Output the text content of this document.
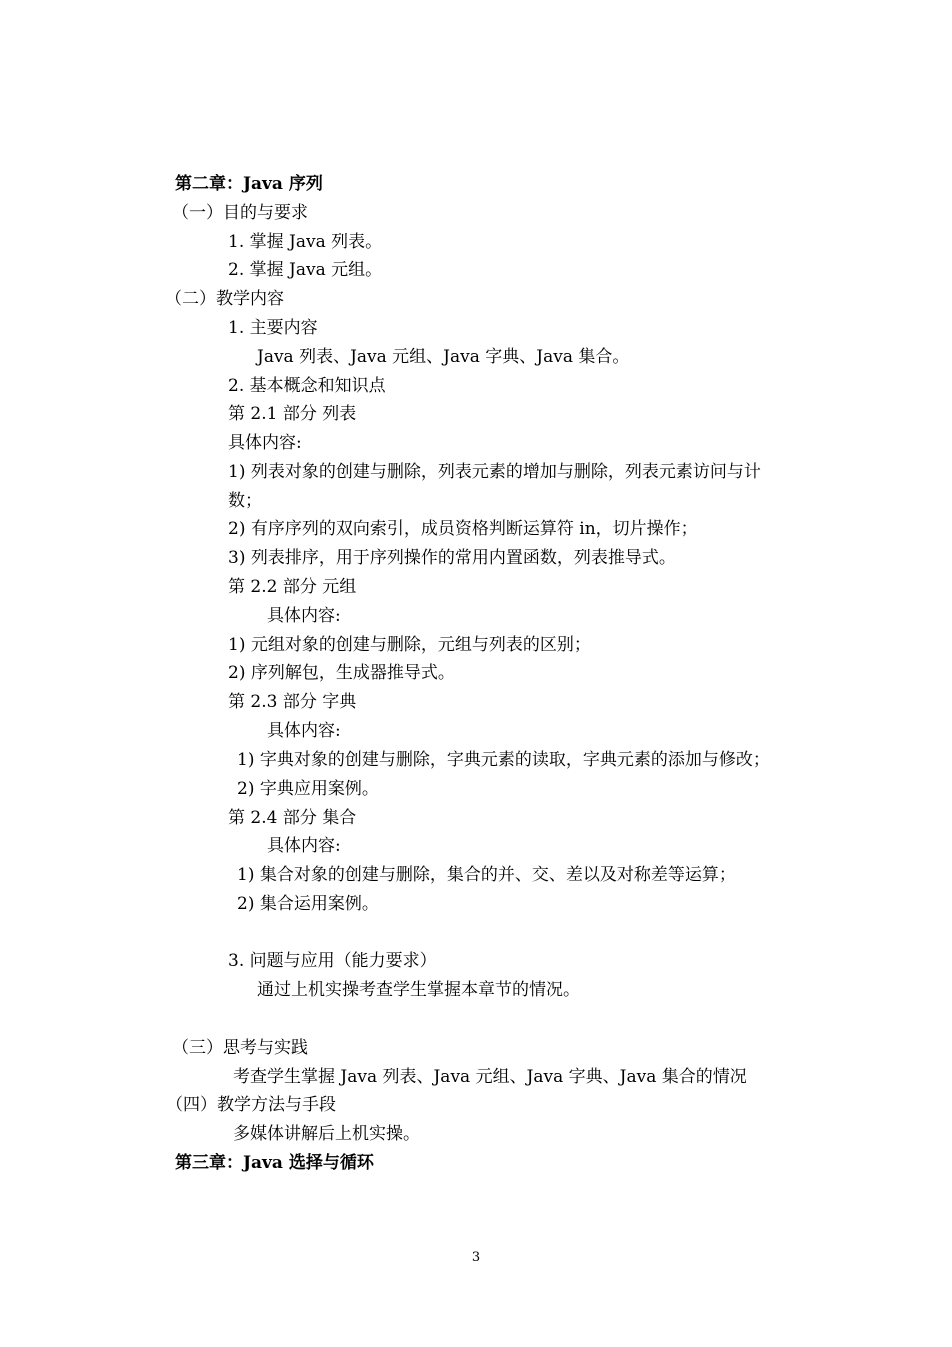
第二章：Java 序列

（一）目的与要求

1. 掌握 Java 列表。

2. 掌握 Java 元组。

（二）教学内容

1. 主要内容

Java 列表、Java 元组、Java 字典、Java 集合。

2. 基本概念和知识点

第 2.1 部分 列表

具体内容:

1) 列表对象的创建与删除，列表元素的增加与删除，列表元素访问与计

数；

2) 有序序列的双向索引，成员资格判断运算符 in，切片操作；

3) 列表排序，用于序列操作的常用内置函数，列表推导式。

第 2.2 部分 元组

具体内容:

1) 元组对象的创建与删除，元组与列表的区别；

2) 序列解包，生成器推导式。

第 2.3 部分 字典

具体内容:

1) 字典对象的创建与删除，字典元素的读取，字典元素的添加与修改；

2) 字典应用案例。

第 2.4 部分 集合

具体内容:

1) 集合对象的创建与删除，集合的并、交、差以及对称差等运算；

2) 集合运用案例。

3. 问题与应用（能力要求）

通过上机实操考查学生掌握本章节的情况。

（三）思考与实践

考查学生掌握 Java 列表、Java 元组、Java 字典、Java 集合的情况

（四）教学方法与手段

多媒体讲解后上机实操。

第三章：Java 选择与循环

3
